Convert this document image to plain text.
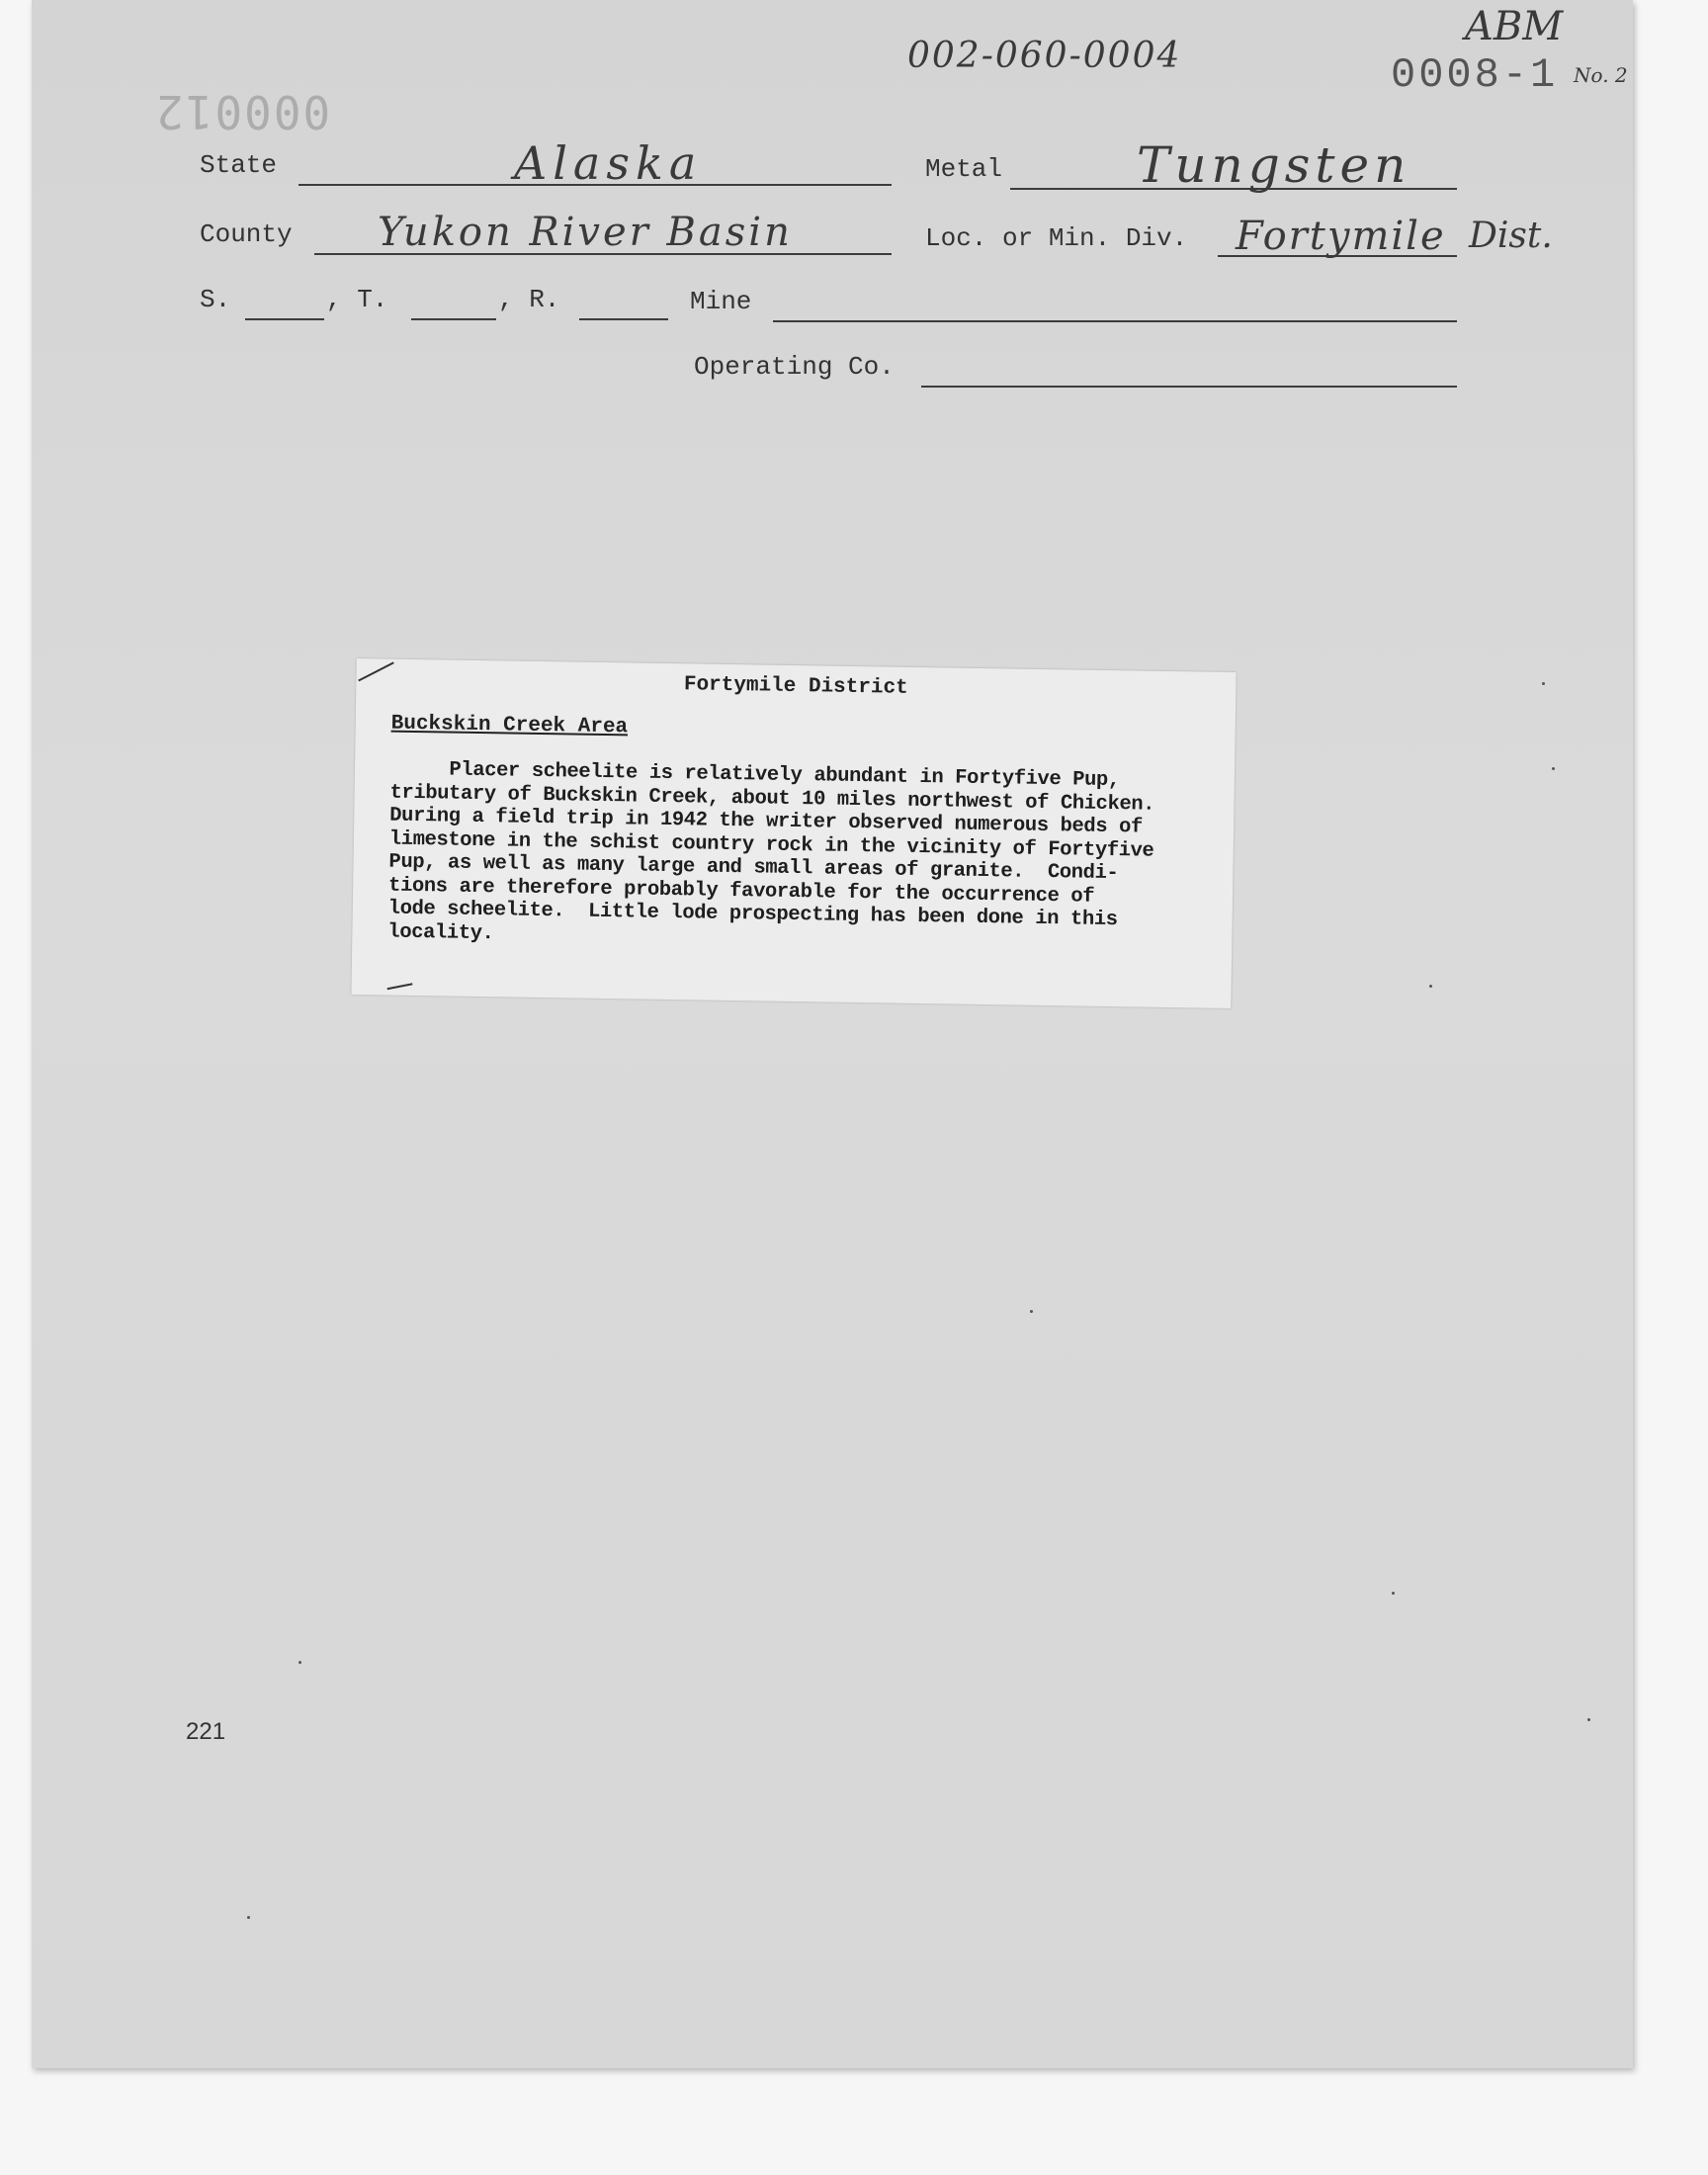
002-060-0004
ABM
0008-1 No. 2
000012
State	Alaska	Metal	Tungsten
County Yukon River Basin	Loc. or Min. Div. Fortymile Dist.
S.	, T.	, R.	Mine
Operating Co.
Fortymile District
Buckskin Creek Area
Placer scheelite is relatively abundant in Fortyfive Pup,
tributary of Buckskin Creek, about 10 miles northwest of Chicken.
During a field trip in 1942 the writer observed numerous beds of
limestone in the schist country rock in the vicinity of Fortyfive
Pup, as well as many large and small areas of granite.  Condi-
tions are therefore probably favorable for the occurrence of
lode scheelite.  Little lode prospecting has been done in this
locality.
221
